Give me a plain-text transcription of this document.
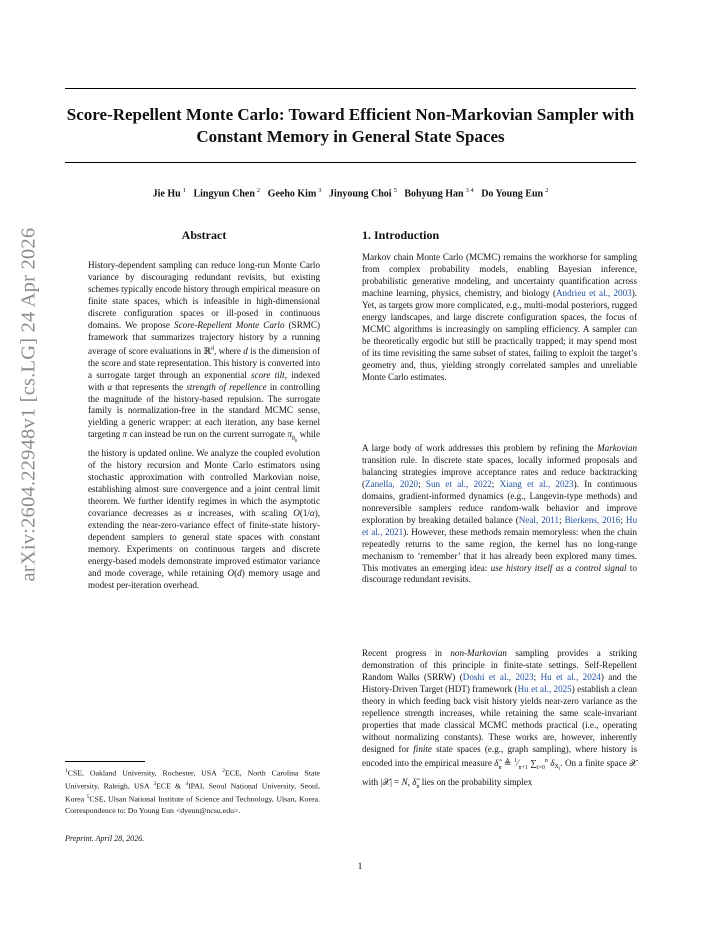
arXiv:2604.22948v1 [cs.LG] 24 Apr 2026
Score-Repellent Monte Carlo: Toward Efficient Non-Markovian Sampler with
Constant Memory in General State Spaces
Jie Hu  $^1$ Lingyun Chen  $^2$ Geeho Kim  $^3$ Jinyoung Choi  $^5$ Bohyung Han  $^{3 4}$ Do Young Eun  $^2$
Abstract
History-dependent sampling can reduce long-run Monte Carlo variance by discouraging redundant revisits, but existing schemes typically encode history through empirical measure on finite state spaces, which is infeasible in high-dimensional discrete configuration spaces or ill-posed in continuous domains. We propose Score-Repellent Monte Carlo (SRMC) framework that summarizes trajectory history by a running average of score evaluations in ℝ$^d$, where d is the dimension of the score and state representation. This history is converted into a surrogate target through an exponential score tilt, indexed with α that represents the strength of repellence in controlling the magnitude of the history-based repulsion. The surrogate family is normalization-free in the standard MCMC sense, yielding a generic wrapper: at each iteration, any base kernel targeting π can instead be run on the current surrogate $\pi_{\theta_n}$ while the history is updated online. We analyze the coupled evolution of the history recursion and Monte Carlo estimators using stochastic approximation with controlled Markovian noise, establishing almost sure convergence and a joint central limit theorem. We further identify regimes in which the asymptotic covariance decreases as α increases, with scaling O(1/α), extending the near-zero-variance effect of finite-state history-dependent samplers to general state spaces with constant memory. Experiments on continuous targets and discrete energy-based models demonstrate improved estimator variance and mode coverage, while retaining O(d) memory usage and modest per-iteration overhead.
$^1$CSE, Oakland University, Rochester, USA $^2$ECE, North Carolina State University, Raleigh, USA $^3$ECE & $^4$IPAI, Seoul National University, Seoul, Korea $^5$CSE, Ulsan National Institute of Science and Technology, Ulsan, Korea. Correspondence to: Do Young Eun <dyeun@ncsu.edu>.
Preprint. April 28, 2026.
1. Introduction
Markov chain Monte Carlo (MCMC) remains the workhorse for sampling from complex probability models, enabling Bayesian inference, probabilistic generative modeling, and uncertainty quantification across machine learning, physics, chemistry, and biology (Andrieu et al., 2003). Yet, as targets grow more complicated, e.g., multi-modal posteriors, rugged energy landscapes, and large discrete configuration spaces, the focus of MCMC algorithms is increasingly on sampling efficiency. A sampler can be theoretically ergodic but still be practically trapped; it may spend most of its time revisiting the same subset of states, failing to exploit the target’s geometry and, thus, yielding strongly correlated samples and unreliable Monte Carlo estimates.
A large body of work addresses this problem by refining the Markovian transition rule. In discrete state spaces, locally informed proposals and balancing strategies improve acceptance rates and reduce backtracking (Zanella, 2020; Sun et al., 2022; Xiang et al., 2023). In continuous domains, gradient-informed dynamics (e.g., Langevin-type methods) and nonreversible samplers reduce random-walk behavior and improve exploration by breaking detailed balance (Neal, 2011; Bierkens, 2016; Hu et al., 2021). However, these methods remain memoryless: when the chain repeatedly returns to the same region, the kernel has no long-range mechanism to ‘remember’ that it has already been explored many times. This motivates an emerging idea: use history itself as a control signal to discourage redundant revisits.
Recent progress in non-Markovian sampling provides a striking demonstration of this principle in finite-state settings. Self-Repellent Random Walks (SRRW) (Doshi et al., 2023; Hu et al., 2024) and the History-Driven Target (HDT) framework (Hu et al., 2025) establish a clean theory in which feeding back visit history yields near-zero variance as the repellence strength increases, while retaining the same scale-invariant properties that made classical MCMC methods practical (i.e., operating without normalizing constants). These works are, however, inherently designed for finite state spaces (e.g., graph sampling), where history is encoded into the empirical measure $\deltâ_n$ ≜ $^1⁄_{n+1}$ $\sum_{i=0}^n$ $\delta_{X_i}$. On a finite space 𝒳 with |𝒳| = N, $\deltâ_n$ lies on the probability simplex
1
